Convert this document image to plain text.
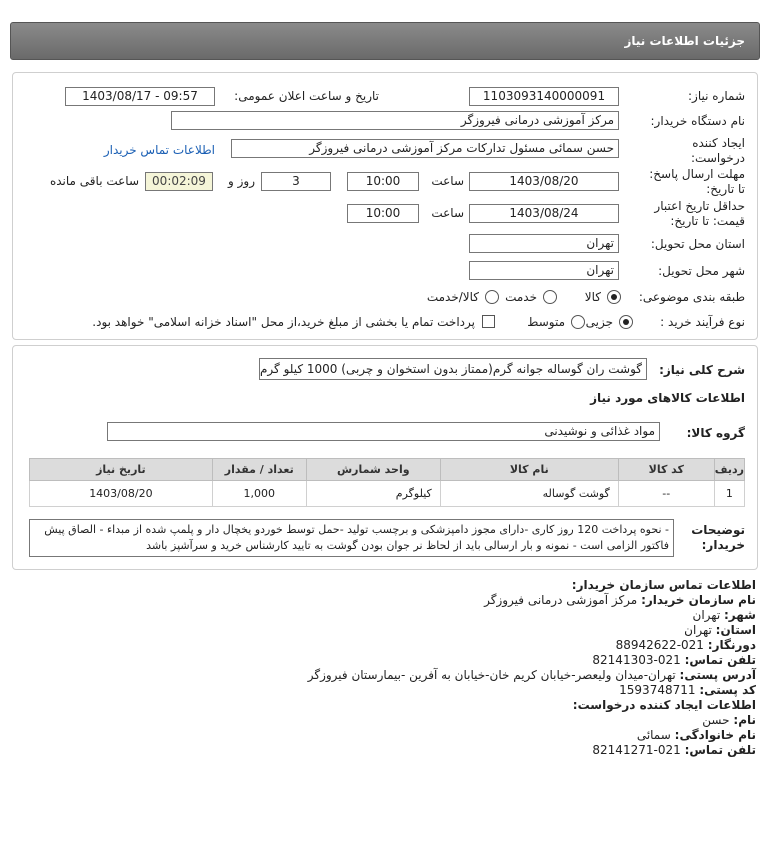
جزئیات اطلاعات نیاز
شماره نیاز:
1103093140000091
تاریخ و ساعت اعلان عمومی:
1403/08/17 - 09:57
نام دستگاه خریدار:
مرکز آموزشی درمانی فیروزگر
ایجاد کننده
درخواست:
حسن سمائی مسئول تدارکات مرکز آموزشی درمانی فیروزگر
اطلاعات تماس خریدار
مهلت ارسال پاسخ:
تا تاریخ:
1403/08/20
ساعت
10:00
3
روز و
00:02:09
ساعت باقی مانده
حداقل تاریخ اعتبار
قیمت: تا تاریخ:
1403/08/24
ساعت
10:00
استان محل تحویل:
تهران
شهر محل تحویل:
تهران
طبقه بندی موضوعی:
کالا
خدمت
کالا/خدمت
نوع فرآیند خرید :
جزیی
متوسط
پرداخت تمام یا بخشی از مبلغ خرید،از محل "اسناد خزانه اسلامی" خواهد بود.
شرح کلی نیاز:
گوشت ران گوساله جوانه گرم(ممتاز بدون استخوان و چربی) 1000 کیلو گرم
اطلاعات کالاهای مورد نیاز
گروه کالا:
مواد غذائی و نوشیدنی
ردیف	کد کالا	نام کالا	واحد شمارش	تعداد / مقدار	تاریخ نیاز
1	--	گوشت گوساله	کیلوگرم	1,000	1403/08/20
توضیحات
خریدار:
- نحوه پرداخت 120 روز کاری -دارای مجوز دامپزشکی و برچسب تولید -حمل توسط خوردو یخچال دار و پلمپ شده از مبداء - الصاق پیش فاکتور الزامی است - نمونه و بار ارسالی باید از لحاظ نر جوان بودن گوشت به تایید کارشناس خرید و سرآشپز باشد
اطلاعات تماس سازمان خریدار:
نام سازمان خریدار: مرکز آموزشی درمانی فیروزگر
شهر: تهران
استان: تهران
دورنگار: 021-88942622
تلفن تماس: 021-82141303
آدرس پستی: تهران-میدان ولیعصر-خیابان کریم خان-خیابان به آفرین -بیمارستان فیروزگر
کد پستی: 1593748711
اطلاعات ایجاد کننده درخواست:
نام: حسن
نام خانوادگی: سمائی
تلفن تماس: 021-82141271
